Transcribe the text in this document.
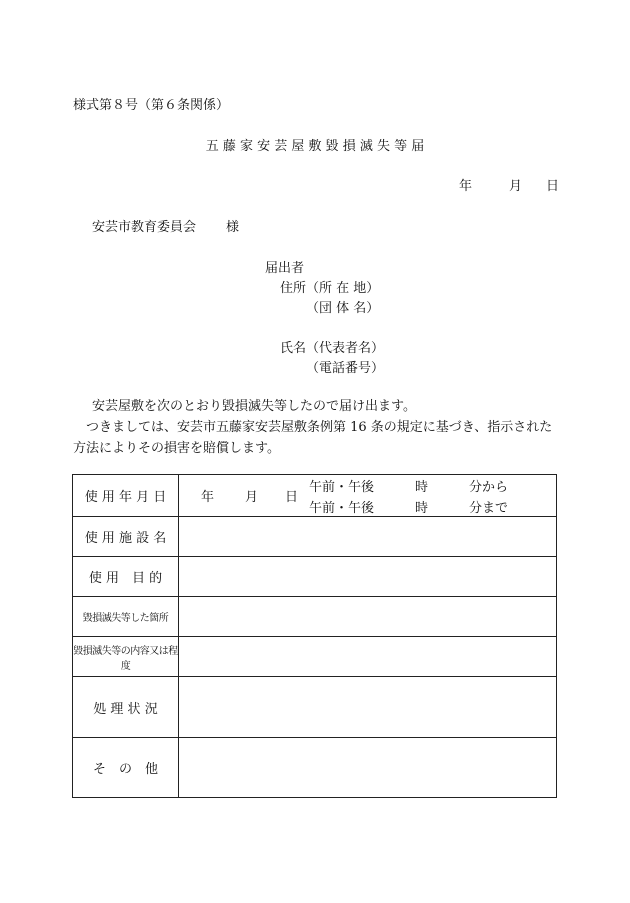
様式第８号（第６条関係）
五 藤 家 安 芸 屋 敷 毀 損 滅 失 等 届
年	月 日
安芸市教育委員会 様
届出者
住所（所 在 地）
（団 体 名）
氏名（代表者名）
（電話番号）
安芸屋敷を次のとおり毀損滅失等したので届け出ます。
つきましては、安芸市五藤家安芸屋敷条例第 16 条の規定に基づき、指示された方法によりその損害を賠償します。
使 用 年 月 日	年 月 日
午前・午後 時 分から
午前・午後 時 分まで

使 用 施 設 名	
使 用　目 的	
毀損滅失等した箇所	
毀損滅失等の内容又は程度	
処 理 状 況	
そ　の　他	
